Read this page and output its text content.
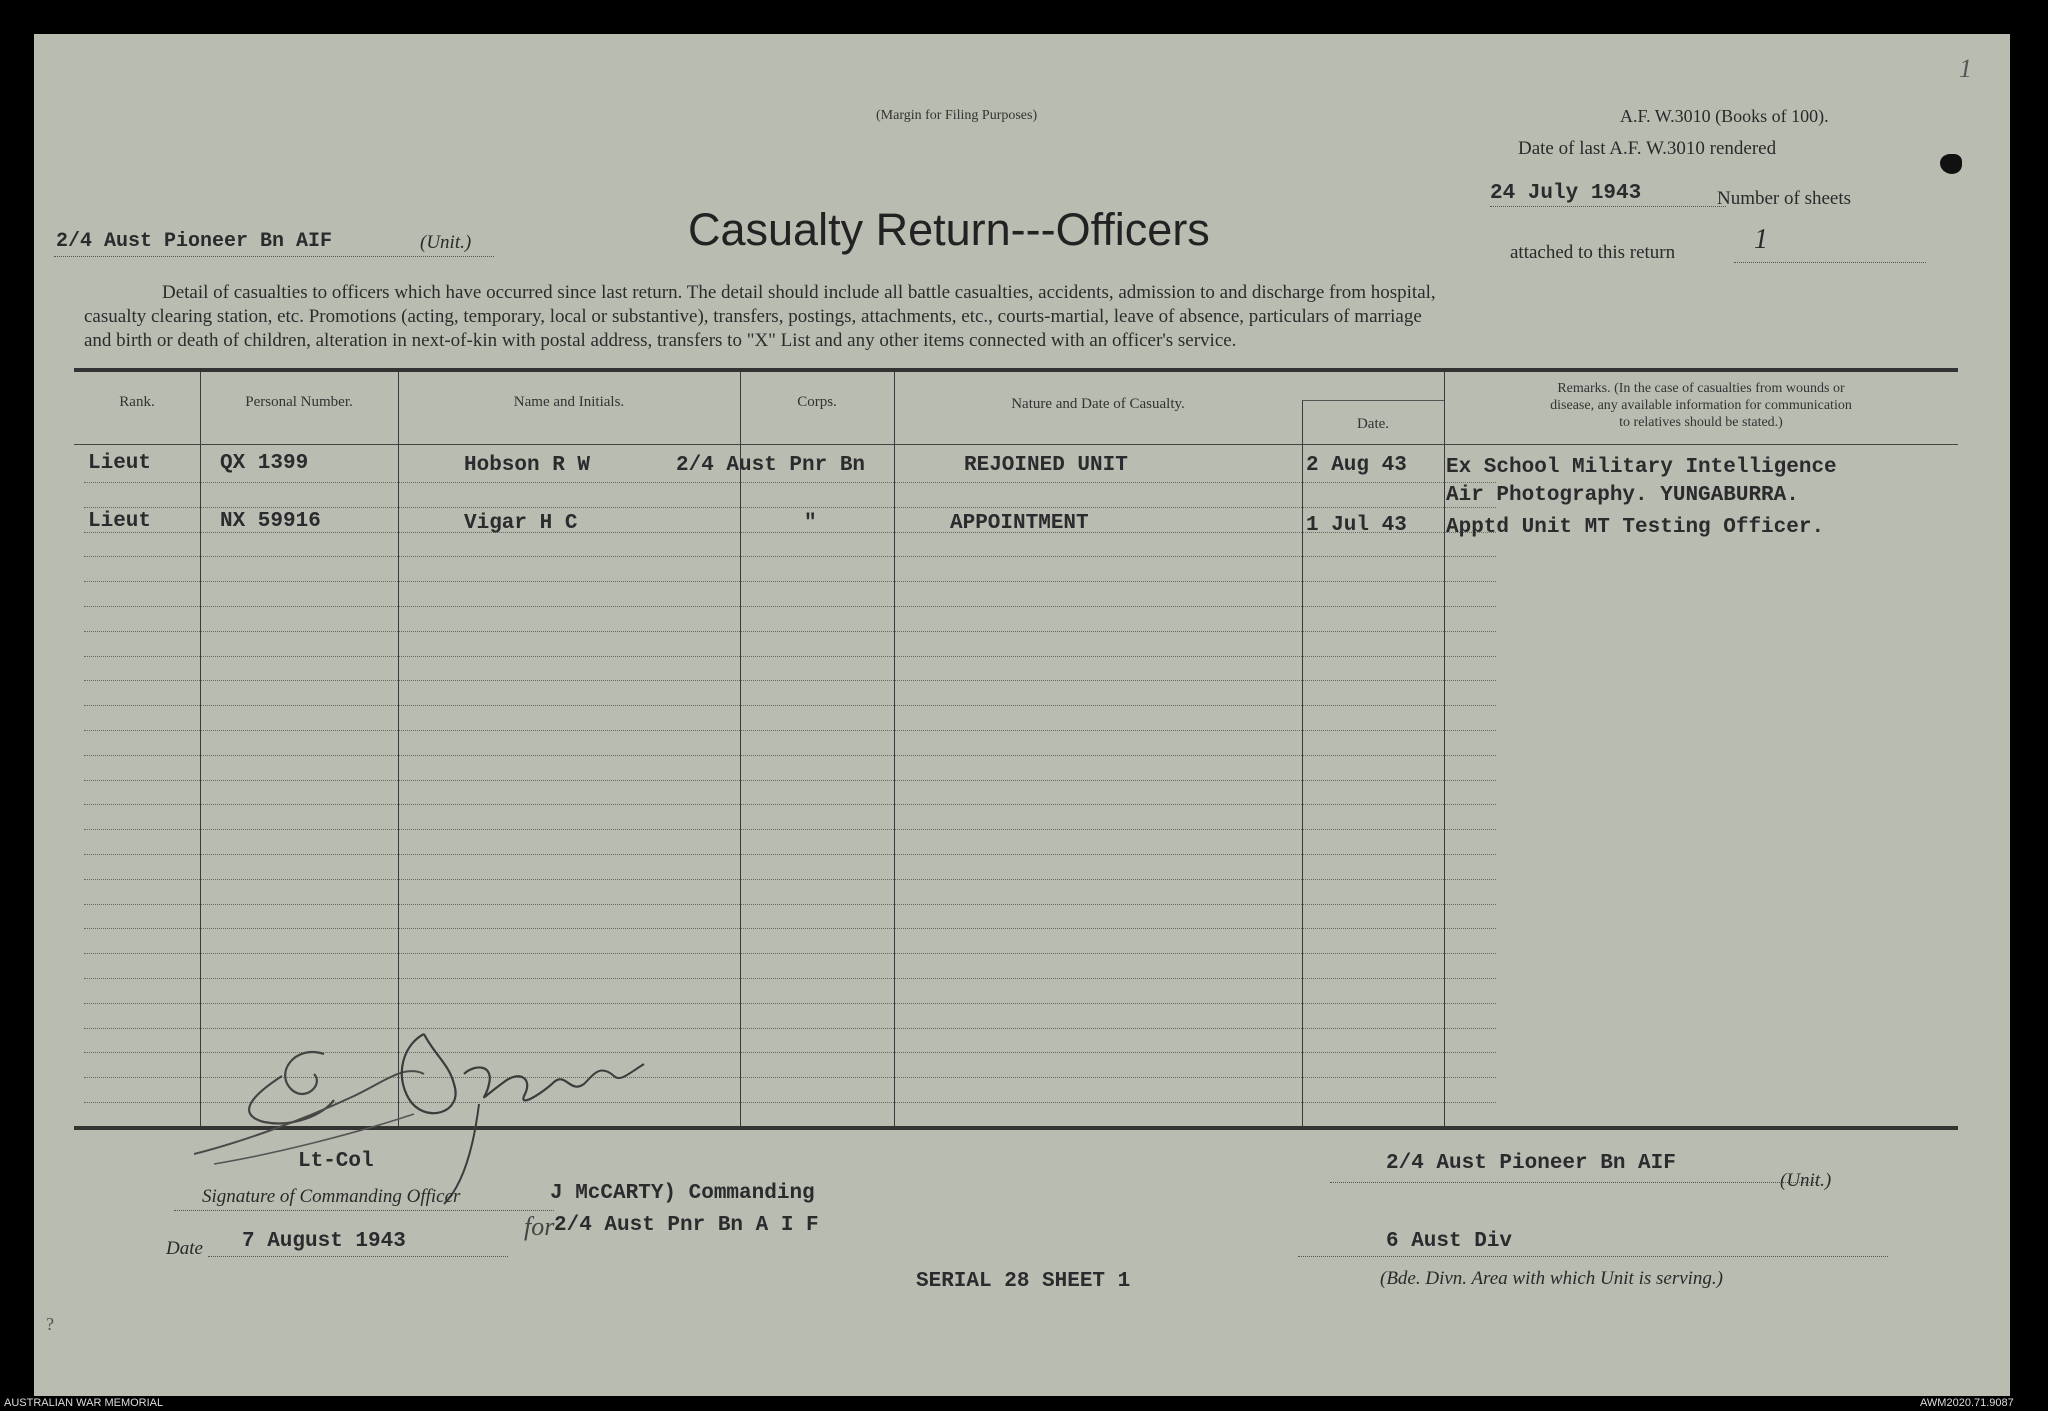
1
(Margin for Filing Purposes)	A.F. W.3010 (Books of 100).
Date of last A.F. W.3010 rendered
24 July 1943	Number of sheets
attached to this return	1
Casualty Return---Officers
2/4 Aust Pioneer Bn AIF	(Unit.)
Detail of casualties to officers which have occurred since last return. The detail should include all battle casualties, accidents, admission to and discharge from hospital,
casualty clearing station, etc. Promotions (acting, temporary, local or substantive), transfers, postings, attachments, etc., courts-martial, leave of absence, particulars of marriage
and birth or death of children, alteration in next-of-kin with postal address, transfers to "X" List and any other items connected with an officer's service.
Rank.	Personal Number.	Name and Initials.	Corps.	Nature and Date of Casualty.
Date.
Remarks. (In the case of casualties from wounds or
disease, any available information for communication
to relatives should be stated.)
Lieut	QX 1399	Hobson R W	2/4 Aust Pnr Bn	REJOINED UNIT	2 Aug 43 Ex School Military Intelligence
Air Photography. YUNGABURRA.
Lieut	NX 59916	Vigar H C	"	APPOINTMENT	1 Jul 43 Apptd Unit MT Testing Officer.
Lt-Col
Signature of Commanding Officer	J McCARTY) Commanding
for 2/4 Aust Pnr Bn A I F
Date 7 August 1943
SERIAL 28 SHEET 1
2/4 Aust Pioneer Bn AIF
(Unit.)
6 Aust Div
(Bde. Divn. Area with which Unit is serving.)
?
AUSTRALIAN WAR MEMORIAL	AWM2020.71.9087
